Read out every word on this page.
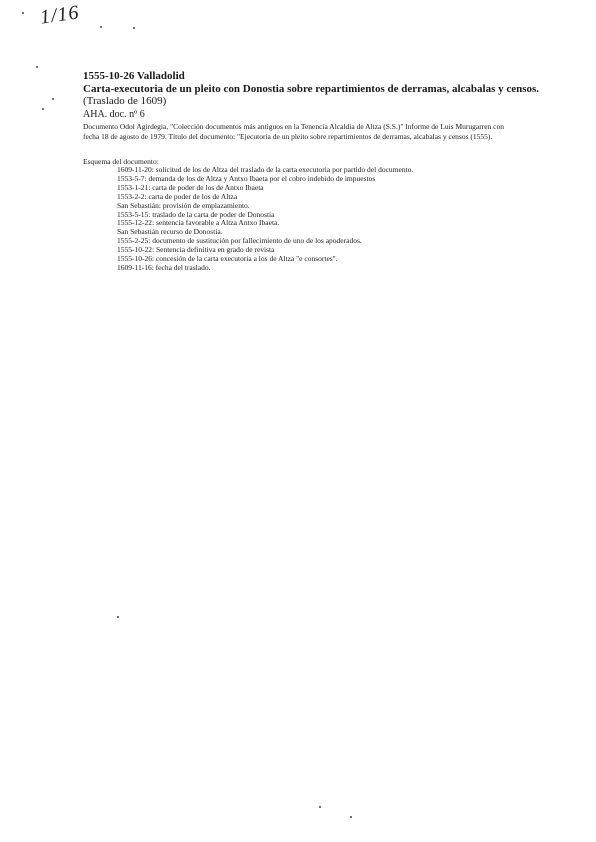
1/16
1555-10-26 Valladolid
Carta-executoria de un pleito con Donostia sobre repartimientos de derramas, alcabalas y censos.
(Traslado de 1609)
AHA. doc. nº 6
Documento Odol Agirdegia, "Colección documentos más antiguos en la Tenencia Alcaldía de Altza (S.S.)" Informe de Luis Murugarren con fecha 18 de agosto de 1979. Título del documento: "Ejecutoria de un pleito sobre repartimientos de derramas, alcabalas y censos (1555).
Esquema del documento:
1609-11-20: solicitud de los de Altza del traslado de la carta executoria por partido del documento.
1553-5-7: demanda de los de Altza y Antxo Ibaeta por el cobro indebido de impuestos
1553-1-21: carta de poder de los de Antxo Ibaeta
1553-2-2: carta de poder de los de Altza
San Sebastián: provisión de emplazamiento.
1553-5-15: traslado de la carta de poder de Donostia
1555-12-22: sentencia favorable a Altza Antxo Ibaeta.
San Sebastián recurso de Donostia.
1555-2-25: documento de sustitución por fallecimiento de uno de los apoderados.
1555-10-22: Sentencia definitiva en grado de revista
1555-10-26: concesión de la carta executoria a los de Altza "e consortes".
1609-11-16: fecha del traslado.
